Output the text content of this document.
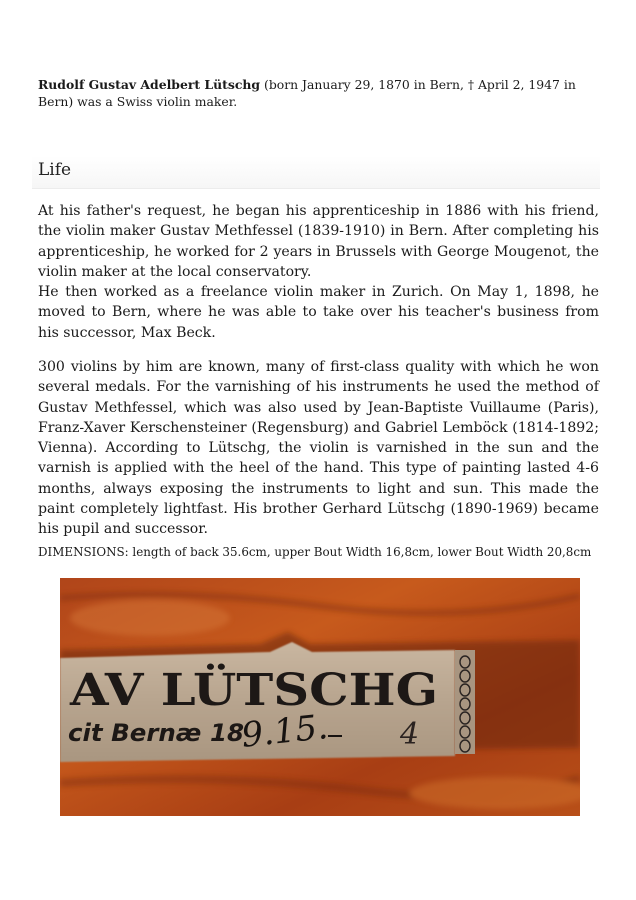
Rudolf Gustav Adelbert Lütschg (born January 29, 1870 in Bern, † April 2, 1947 in Bern) was a Swiss violin maker.
Life
At his father's request, he began his apprenticeship in 1886 with his friend, the violin maker Gustav Methfessel (1839-1910) in Bern. After completing his apprenticeship, he worked for 2 years in Brussels with George Mougenot, the violin maker at the local conservatory.
He then worked as a freelance violin maker in Zurich. On May 1, 1898, he moved to Bern, where he was able to take over his teacher's business from his successor, Max Beck.
300 violins by him are known, many of first-class quality with which he won several medals. For the varnishing of his instruments he used the method of Gustav Methfessel, which was also used by Jean-Baptiste Vuillaume (Paris), Franz-Xaver Kerschensteiner (Regensburg) and Gabriel Lemböck (1814-1892; Vienna). According to Lütschg, the violin is varnished in the sun and the varnish is applied with the heel of the hand. This type of painting lasted 4-6 months, always exposing the instruments to light and sun. This made the paint completely lightfast. His brother Gerhard Lütschg (1890-1969) became his pupil and successor.
DIMENSIONS: length of back 35.6cm, upper Bout Width 16,8cm, lower Bout Width 20,8cm
AV LÜTSCHG
cit Bernæ 18
9.15. 4
